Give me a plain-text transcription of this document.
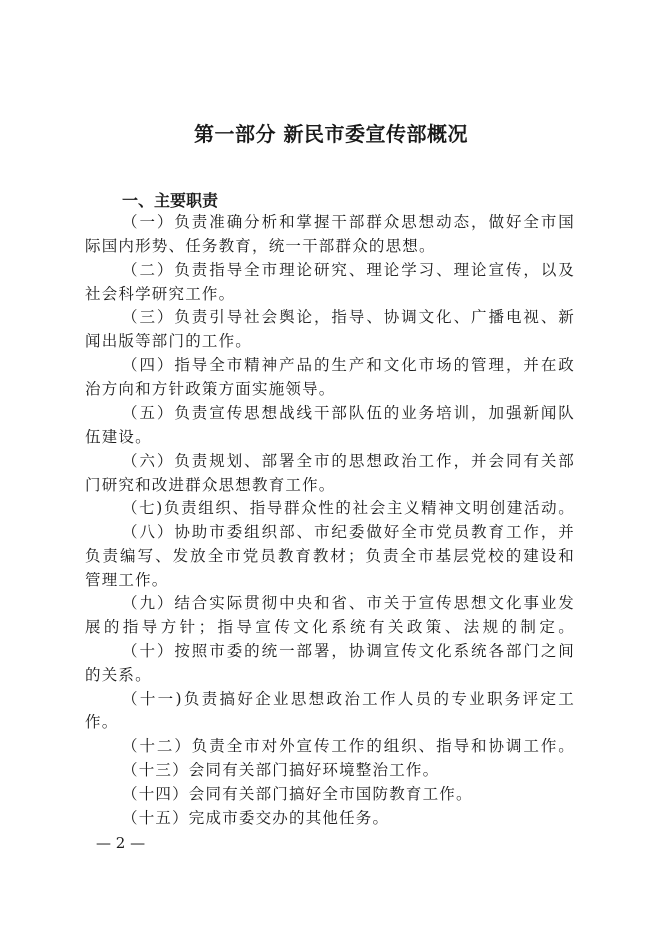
第一部分 新民市委宣传部概况
一、主要职责
（一）负责准确分析和掌握干部群众思想动态，做好全市国
际国内形势、任务教育，统一干部群众的思想。
（二）负责指导全市理论研究、理论学习、理论宣传，以及
社会科学研究工作。
（三）负责引导社会舆论，指导、协调文化、广播电视、新
闻出版等部门的工作。
（四）指导全市精神产品的生产和文化市场的管理，并在政
治方向和方针政策方面实施领导。
（五）负责宣传思想战线干部队伍的业务培训，加强新闻队
伍建设。
（六）负责规划、部署全市的思想政治工作，并会同有关部
门研究和改进群众思想教育工作。
（七)负责组织、指导群众性的社会主义精神文明创建活动。
（八）协助市委组织部、市纪委做好全市党员教育工作，并
负责编写、发放全市党员教育教材；负责全市基层党校的建设和
管理工作。
（九）结合实际贯彻中央和省、市关于宣传思想文化事业发
展的指导方针；指导宣传文化系统有关政策、法规的制定。
（十）按照市委的统一部署，协调宣传文化系统各部门之间
的关系。
（十一)负责搞好企业思想政治工作人员的专业职务评定工
作。
（十二）负责全市对外宣传工作的组织、指导和协调工作。
（十三）会同有关部门搞好环境整治工作。
（十四）会同有关部门搞好全市国防教育工作。
（十五）完成市委交办的其他任务。
— 2 —
